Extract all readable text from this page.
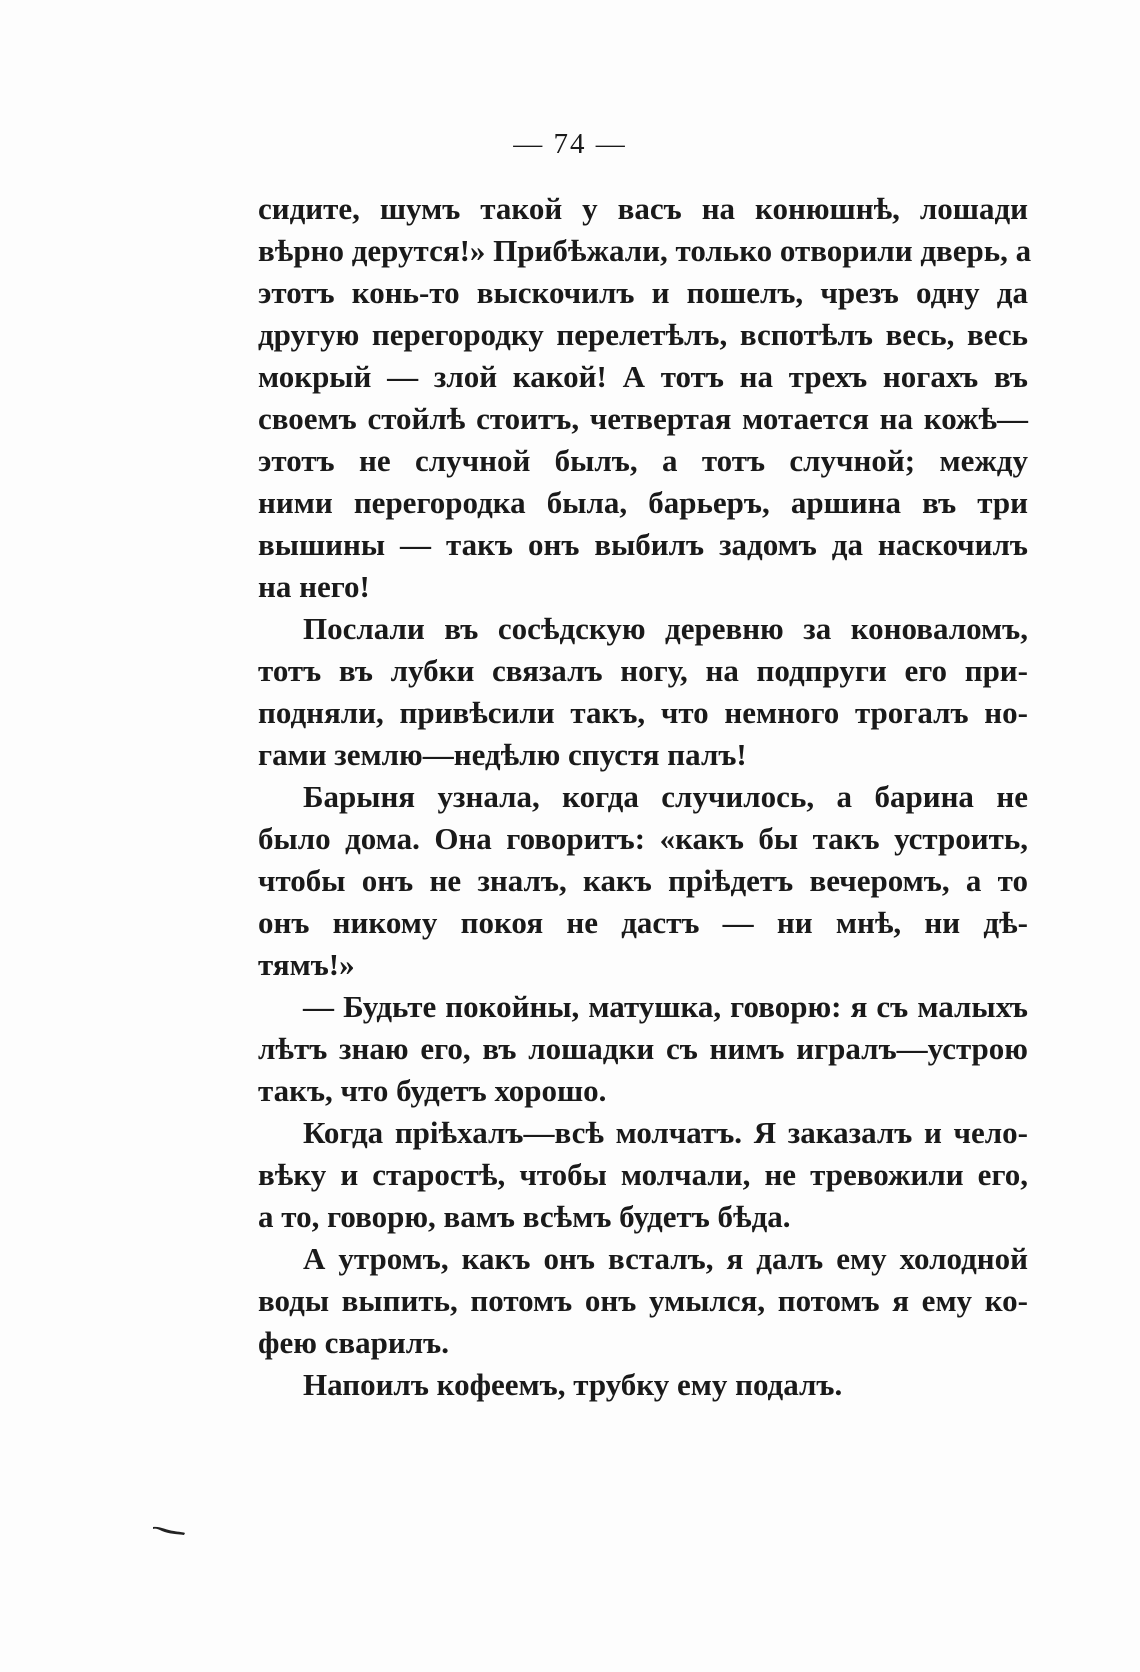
— 74 —
сидите, шумъ такой у васъ на конюшнѣ, лошади
вѣрно дерутся!» Прибѣжали, только отворили дверь, а
этотъ конь-то выскочилъ и пошелъ, чрезъ одну да
другую перегородку перелетѣлъ, вспотѣлъ весь, весь
мокрый — злой какой! А тотъ на трехъ ногахъ въ
своемъ стойлѣ стоитъ, четвертая мотается на кожѣ—
этотъ не случной былъ, а тотъ случной; между
ними перегородка была, барьеръ, аршина въ три
вышины — такъ онъ выбилъ задомъ да наскочилъ
на него!
Послали въ сосѣдскую деревню за коноваломъ,
тотъ въ лубки связалъ ногу, на подпруги его при-
подняли, привѣсили такъ, что немного трогалъ но-
гами землю—недѣлю спустя палъ!
Барыня узнала, когда случилось, а барина не
было дома. Она говоритъ: «какъ бы такъ устроить,
чтобы онъ не зналъ, какъ прiѣдетъ вечеромъ, а то
онъ никому покоя не дастъ — ни мнѣ, ни дѣ-
тямъ!»
— Будьте покойны, матушка, говорю: я съ малыхъ
лѣтъ знаю его, въ лошадки съ нимъ игралъ—устрою
такъ, что будетъ хорошо.
Когда прiѣхалъ—всѣ молчатъ. Я заказалъ и чело-
вѣку и старостѣ, чтобы молчали, не тревожили его,
а то, говорю, вамъ всѣмъ будетъ бѣда.
А утромъ, какъ онъ всталъ, я далъ ему холодной
воды выпить, потомъ онъ умылся, потомъ я ему ко-
фею сварилъ.
Напоилъ кофеемъ, трубку ему подалъ.
